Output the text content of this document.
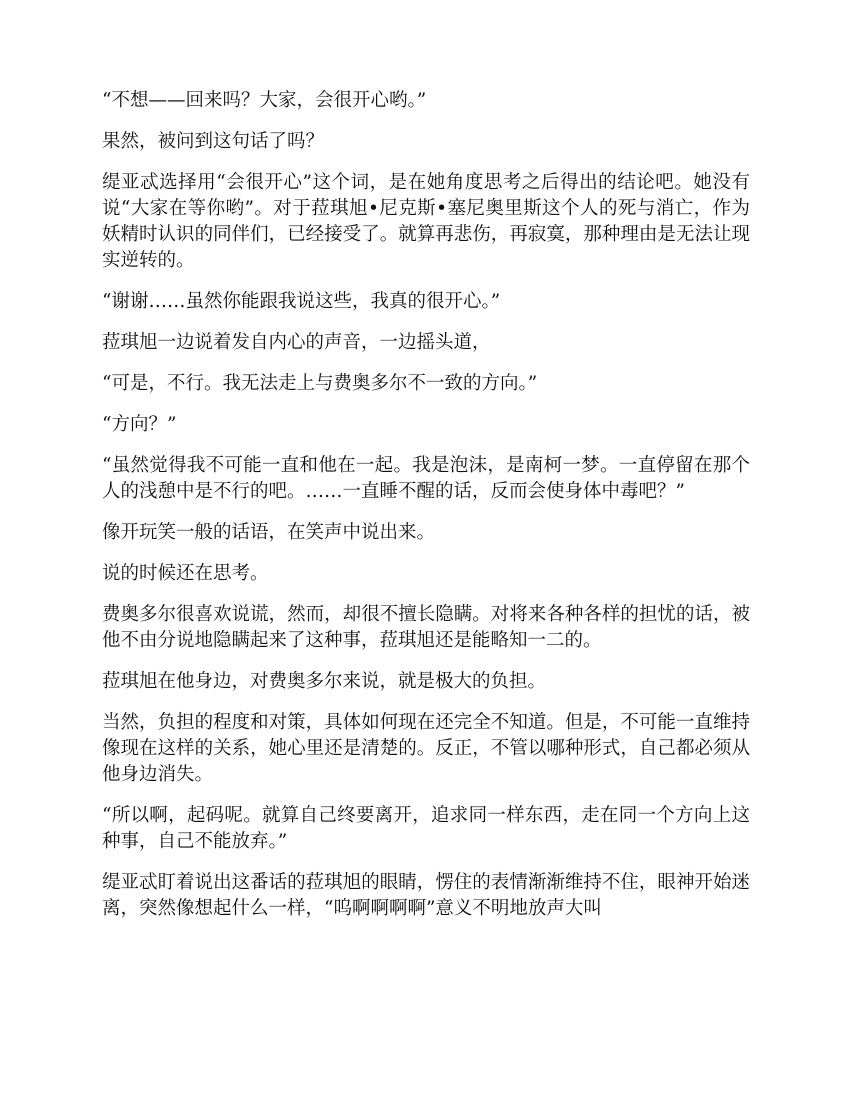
“不想——回来吗？大家，会很开心哟。”

果然，被问到这句话了吗？

缇亚忒选择用“会很开心”这个词，是在她角度思考之后得出的结论吧。她没有说“大家在等你哟”。对于菈琪旭•尼克斯•塞尼奥里斯这个人的死与消亡，作为妖精时认识的同伴们，已经接受了。就算再悲伤，再寂寞，那种理由是无法让现实逆转的。

“谢谢……虽然你能跟我说这些，我真的很开心。”

菈琪旭一边说着发自内心的声音，一边摇头道，

“可是，不行。我无法走上与费奥多尔不一致的方向。”

“方向？”

“虽然觉得我不可能一直和他在一起。我是泡沫，是南柯一梦。一直停留在那个人的浅憩中是不行的吧。……一直睡不醒的话，反而会使身体中毒吧？”

像开玩笑一般的话语，在笑声中说出来。

说的时候还在思考。

费奥多尔很喜欢说谎，然而，却很不擅长隐瞒。对将来各种各样的担忧的话，被他不由分说地隐瞒起来了这种事，菈琪旭还是能略知一二的。

菈琪旭在他身边，对费奥多尔来说，就是极大的负担。

当然，负担的程度和对策，具体如何现在还完全不知道。但是，不可能一直维持像现在这样的关系，她心里还是清楚的。反正，不管以哪种形式，自己都必须从他身边消失。

“所以啊，起码呢。就算自己终要离开，追求同一样东西，走在同一个方向上这种事，自己不能放弃。”

缇亚忒盯着说出这番话的菈琪旭的眼睛，愣住的表情渐渐维持不住，眼神开始迷离，突然像想起什么一样，“呜啊啊啊啊”意义不明地放声大叫
